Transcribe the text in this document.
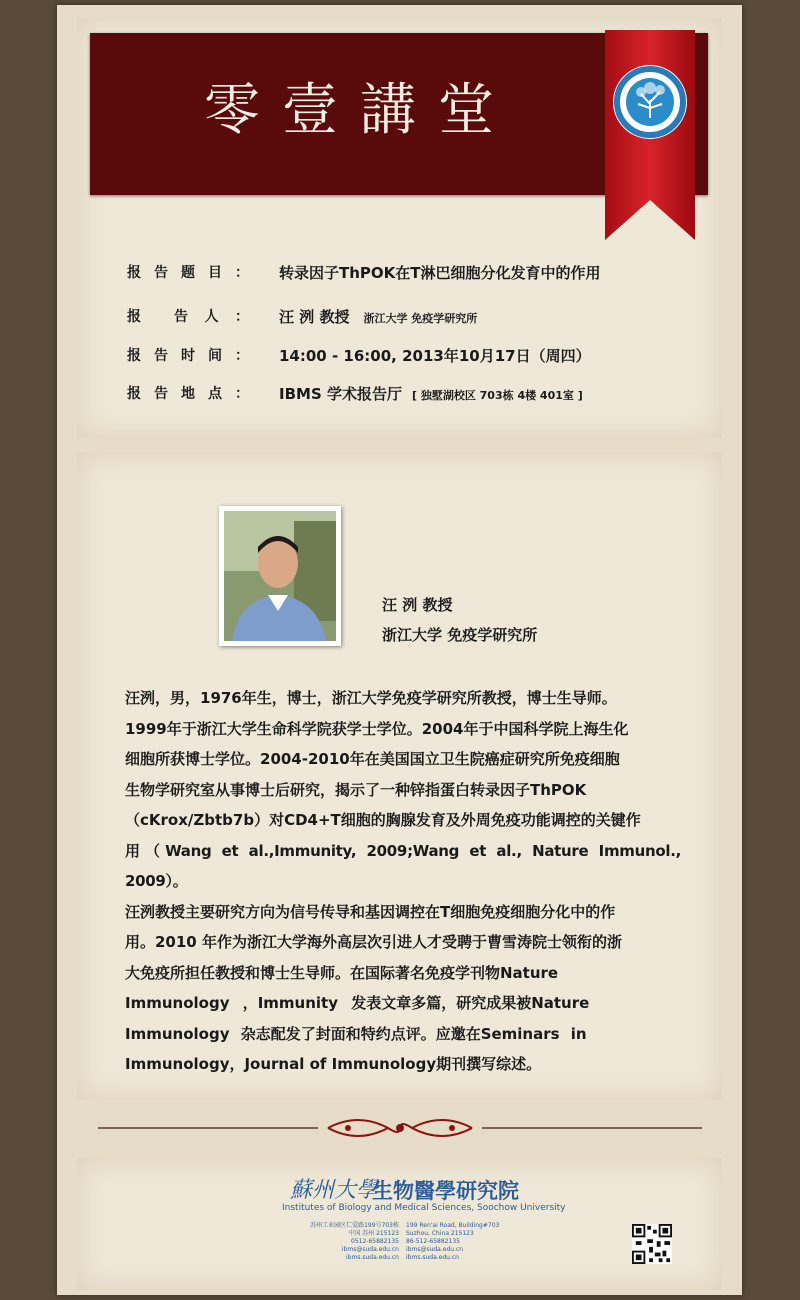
零壹講堂
报 告 题 目 ： 转录因子ThPOK在T淋巴细胞分化发育中的作用
报 告 人 ： 汪 洌 教授 浙江大学 免疫学研究所
报 告 时 间 ： 14:00 - 16:00, 2013年10月17日（周四）
报 告 地 点 ： IBMS 学术报告厅 [ 独墅湖校区 703栋 4楼 401室 ]
汪 洌 教授
浙江大学 免疫学研究所
汪洌，男，1976年生，博士，浙江大学免疫学研究所教授，博士生导师。
1999年于浙江大学生命科学院获学士学位。2004年于中国科学院上海生化
细胞所获博士学位。2004-2010年在美国国立卫生院癌症研究所免疫细胞
生物学研究室从事博士后研究，揭示了一种锌指蛋白转录因子ThPOK
（cKrox/Zbtb7b）对CD4+T细胞的胸腺发育及外周免疫功能调控的关键作
用（Wang et al.,Immunity, 2009;Wang et al., Nature Immunol., 2009）。
汪洌教授主要研究方向为信号传导和基因调控在T细胞免疫细胞分化中的作
用。2010 年作为浙江大学海外高层次引进人才受聘于曹雪涛院士领衔的浙
大免疫所担任教授和博士生导师。在国际著名免疫学刊物Nature
Immunology ，Immunity 发表文章多篇，研究成果被Nature
Immunology 杂志配发了封面和特约点评。应邀在Seminars in
Immunology，Journal of Immunology期刊撰写综述。
蘇州大學
生物醫學研究院
Institutes of Biology and Medical Sciences, Soochow University
苏州工业园区仁爱路199号703栋
中国 苏州 215123
0512-65882135
ibms@suda.edu.cn
ibms.suda.edu.cn
199 Ren'ai Road, Building#703
Suzhou, China 215123
86-512-65882135
ibms@suda.edu.cn
ibms.suda.edu.cn
